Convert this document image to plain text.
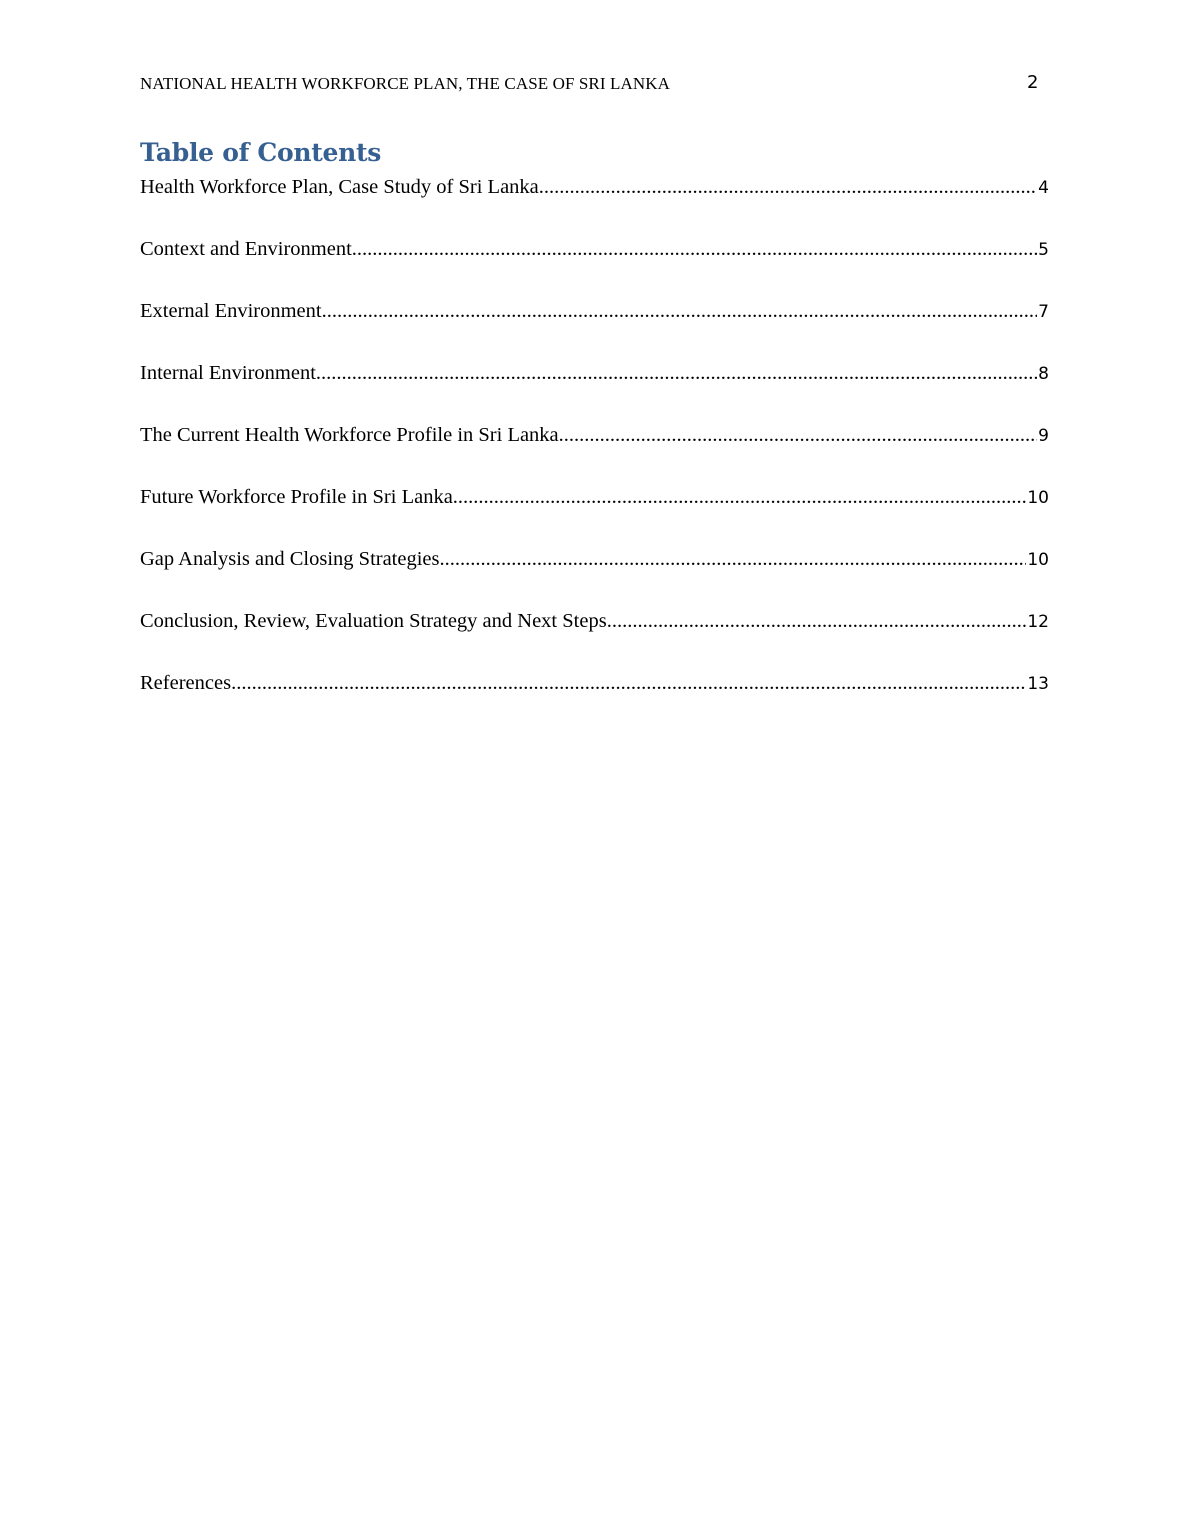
NATIONAL HEALTH WORKFORCE PLAN, THE CASE OF SRI LANKA	2
Table of Contents
Health Workforce Plan, Case Study of Sri Lanka .....	4
Context and Environment .....	5
External Environment .....	7
Internal Environment .....	8
The Current Health Workforce Profile in Sri Lanka .....	9
Future Workforce Profile in Sri Lanka .....	10
Gap Analysis and Closing Strategies .....	10
Conclusion, Review, Evaluation Strategy and Next Steps .....	12
References .....	13
